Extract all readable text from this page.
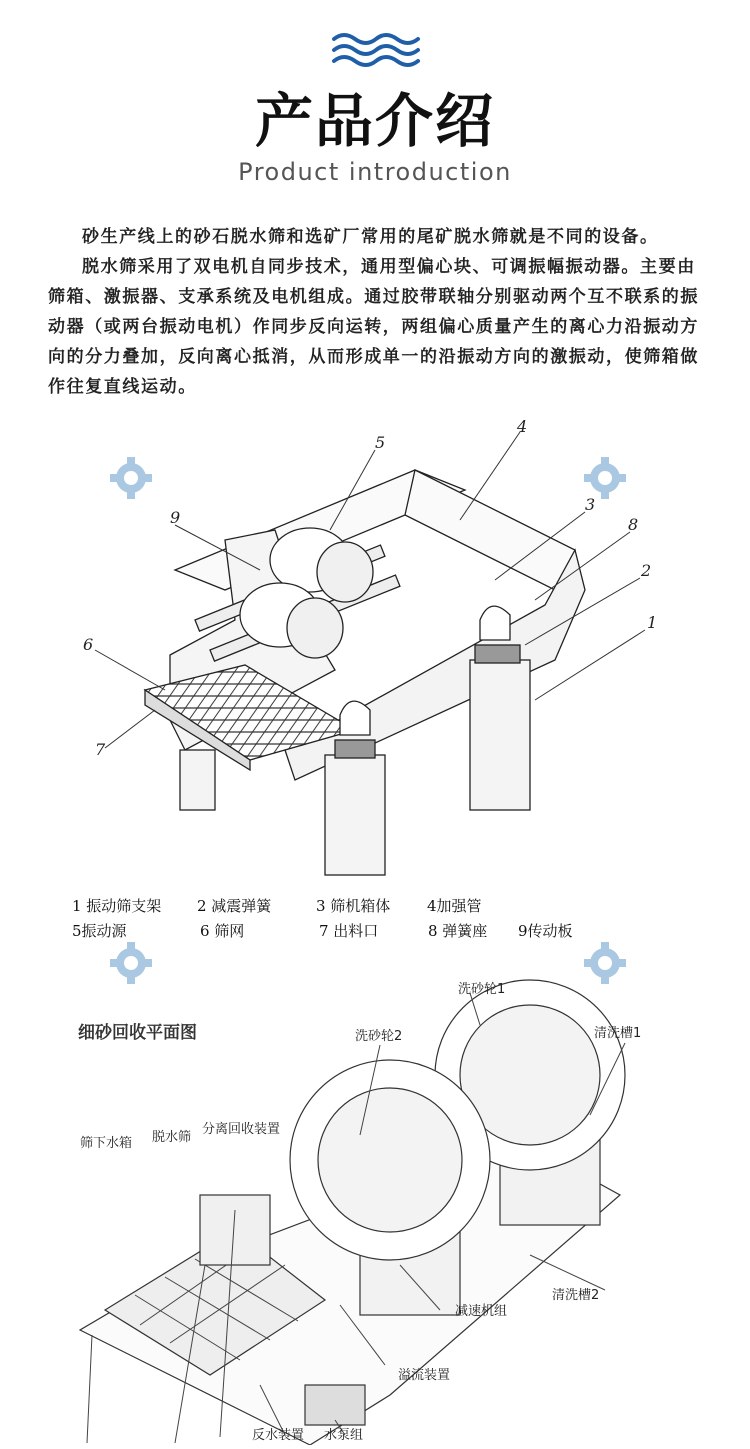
产品介绍
Product introduction
砂生产线上的砂石脱水筛和选矿厂常用的尾矿脱水筛就是不同的设备。
脱水筛采用了双电机自同步技术，通用型偏心块、可调振幅振动器。主要由筛箱、激振器、支承系统及电机组成。通过胶带联轴分别驱动两个互不联系的振动器（或两台振动电机）作同步反向运转，两组偏心质量产生的离心力沿振动方向的分力叠加，反向离心抵消，从而形成单一的沿振动方向的激振动，使筛箱做作往复直线运动。
5
4
3
8
2
1
9
6
7
1 振动筛支架 2 减震弹簧	3 筛机箱体 4加强管
5振动源	6 筛网	7 出料口	8 弹簧座 9传动板
细砂回收平面图
洗砂轮1
洗砂轮2	清洗槽1
筛下水箱 脱水筛
分离回收装置
清洗槽2
减速机组
溢流装置
反水装置 水泵组
